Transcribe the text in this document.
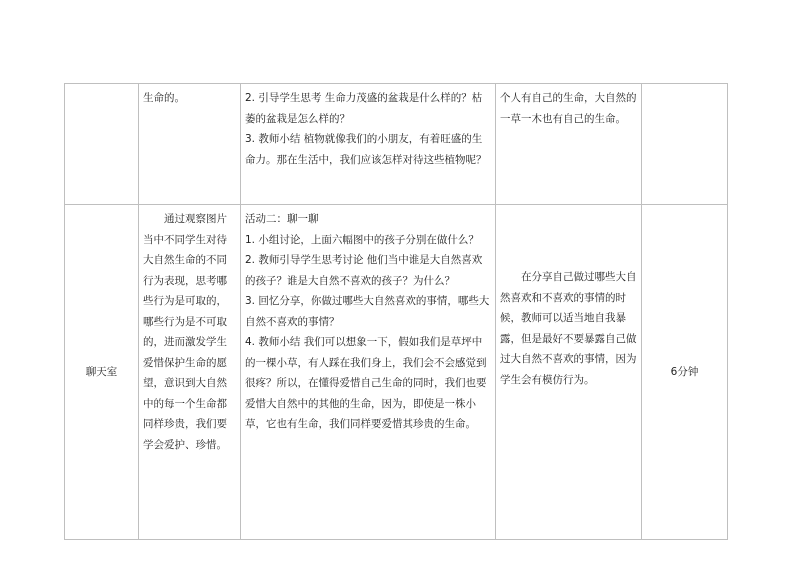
	生命的。	2. 引导学生思考 生命力茂盛的盆栽是什么样的？枯萎的盆栽是怎么样的？

3. 教师小结 植物就像我们的小朋友，有着旺盛的生命力。那在生活中，我们应该怎样对待这些植物呢？	个人有自己的生命，大自然的一草一木也有自己的生命。	

聊天室	通过观察图片当中不同学生对待大自然生命的不同行为表现，思考哪些行为是可取的，哪些行为是不可取的，进而激发学生爱惜保护生命的愿望，意识到大自然中的每一个生命都同样珍贵，我们要学会爱护、珍惜。	活动二：聊一聊

1. 小组讨论，上面六幅图中的孩子分别在做什么？

2. 教师引导学生思考讨论 他们当中谁是大自然喜欢的孩子？谁是大自然不喜欢的孩子？为什么？

3. 回忆分享，你做过哪些大自然喜欢的事情，哪些大自然不喜欢的事情？

4. 教师小结 我们可以想象一下，假如我们是草坪中的一棵小草，有人踩在我们身上，我们会不会感觉到很疼？所以，在懂得爱惜自己生命的同时，我们也要爱惜大自然中的其他的生命，因为，即使是一株小草，它也有生命，我们同样要爱惜其珍贵的生命。	在分享自己做过哪些大自然喜欢和不喜欢的事情的时候，教师可以适当地自我暴露，但是最好不要暴露自己做过大自然不喜欢的事情，因为学生会有模仿行为。	6分钟
